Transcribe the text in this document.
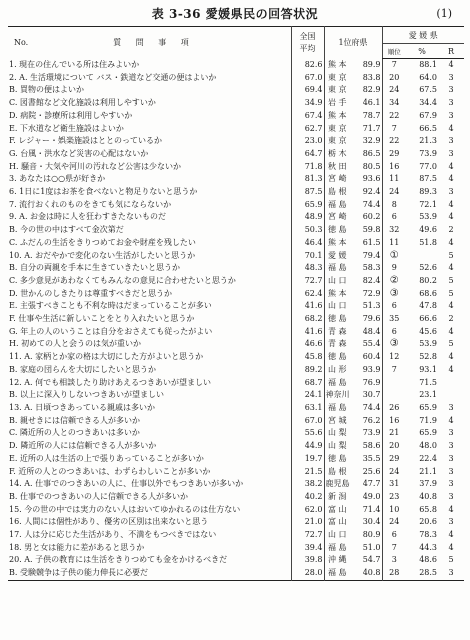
表 3-36 愛媛県民の回答状況	(1)
No. 質 問 事 項	全国
平均	1位府県		愛 媛 県		
				順位	%	R
1. 現在の住んでいる所は住みよいか	82.6	熊 本	89.9	7	88.1	4
2. A. 生活環境について バス・鉄道など交通の便はよいか	67.0	東 京	83.8	20	64.0	3
B. 買物の便はよいか	69.4	東 京	82.9	24	67.5	3
C. 図書館など文化施設は利用しやすいか	34.9	岩 手	46.1	34	34.4	3
D. 病院・診療所は利用しやすいか	67.4	熊 本	78.7	22	67.9	3
E. 下水道など衛生施設はよいか	62.7	東 京	71.7	7	66.5	4
F. レジャー・娯楽施設はととのっているか	23.0	東 京	32.9	22	21.3	3
G. 台風・洪水など災害の心配はないか	64.7	栃 木	86.5	29	73.9	3
H. 騒音・大気や河川の汚れなど公害は少ないか	71.8	秋 田	80.5	16	77.0	4
3. あなたは○○県が好きか	81.3	宮 崎	93.6	11	87.5	4
6. 1日に1度はお茶を食べないと物足りないと思うか	87.5	島 根	92.4	24	89.3	3
7. 流行おくれのものをきても気にならないか	65.9	福 島	74.4	8	72.1	4
9. A. お金は時に人を狂わすきたないものだ	48.9	宮 崎	60.2	6	53.9	4
B. 今の世の中はすべて金次第だ	50.3	徳 島	59.8	32	49.6	2
C. ふだんの生活をきりつめてお金や財産を残したい	46.4	熊 本	61.5	11	51.8	4
10. A. おだやかで変化のない生活がしたいと思うか	70.1	愛 媛	79.4	①		5
B. 自分の両親を手本に生きていきたいと思うか	48.3	福 島	58.3	9	52.6	4
C. 多少意見があわなくてもみんなの意見に合わせたいと思うか	72.7	山 口	82.4	②	80.2	5
D. 世かんのしきたりは尊重すべきだと思うか	62.4	熊 本	72.9	③	68.6	5
E. 主張すべきことも不利な時はだまっていることが多い	41.6	山 口	51.3	6	47.8	4
F. 仕事や生活に新しいことをとり入れたいと思うか	68.2	徳 島	79.6	35	66.6	2
G. 年上の人のいうことは自分をおさえても従ったがよい	41.6	青 森	48.4	6	45.6	4
H. 初めての人と会うのは気が重いか	46.6	青 森	55.4	③	53.9	5
11. A. 家柄とか家の格は大切にした方がよいと思うか	45.8	徳 島	60.4	12	52.8	4
B. 家庭の団らんを大切にしたいと思うか	89.2	山 形	93.9	7	93.1	4
12. A. 何でも相談したり助けあえるつきあいが望ましい	68.7	福 島	76.9		71.5	
B. 以上に深入りしないつきあいが望ましい	24.1	神奈川	30.7		23.1	
13. A. 日頃つきあっている親戚は多いか	63.1	福 島	74.4	26	65.9	3
B. 親せきには信頼できる人が多いか	67.0	宮 城	76.2	16	71.9	4
C. 隣近所の人とのつきあいは多いか	55.6	山 梨	73.9	21	65.9	3
D. 隣近所の人には信頼できる人が多いか	44.9	山 梨	58.6	20	48.0	3
E. 近所の人は生活の上で張りあっていることが多いか	19.7	徳 島	35.5	29	22.4	3
F. 近所の人とのつきあいは、わずらわしいことが多いか	21.5	島 根	25.6	24	21.1	3
14. A. 仕事でのつきあいの人に、仕事以外でもつきあいが多いか	38.2	鹿児島	47.7	31	37.9	3
B. 仕事でのつきあいの人に信頼できる人が多いか	40.2	新 潟	49.0	23	40.8	3
15. 今の世の中では実力のない人はおいてゆかれるのは仕方ない	62.0	富 山	71.4	10	65.8	4
16. 人間には個性があり、優劣の区別は出来ないと思う	21.0	富 山	30.4	24	20.6	3
17. 人は分に応じた生活があり、不満をもつべきではない	72.7	山 口	80.9	6	78.3	4
18. 男と女は能力に差があると思うか	39.4	福 島	51.0	7	44.3	4
20. A. 子供の教育には生活をきりつめても金をかけるべきだ	39.8	沖 縄	54.7	3	48.6	5
B. 受験競争は子供の能力伸長に必要だ	28.0	福 島	40.8	28	28.5	3
